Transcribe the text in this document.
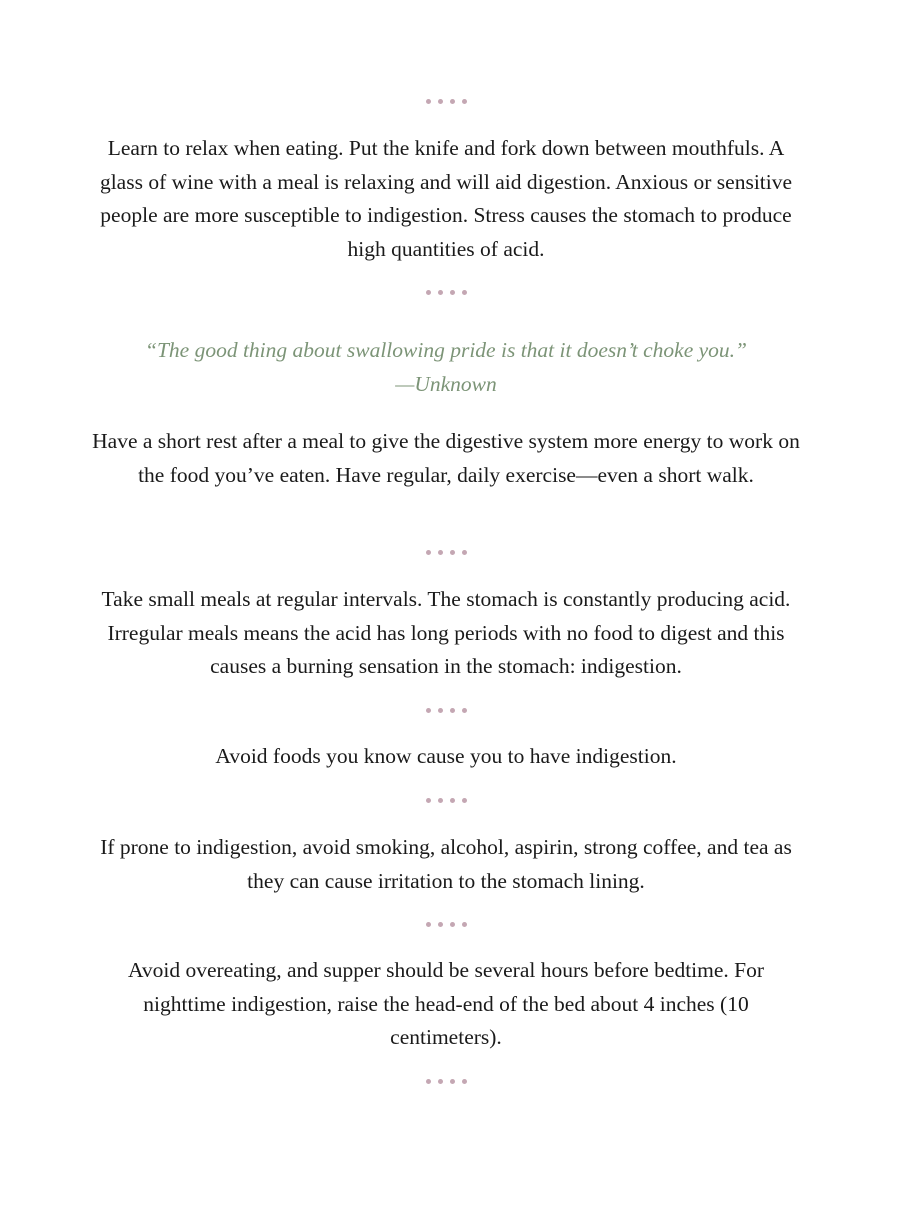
Learn to relax when eating. Put the knife and fork down between mouthfuls. A glass of wine with a meal is relaxing and will aid digestion. Anxious or sensitive people are more susceptible to indigestion. Stress causes the stomach to produce high quantities of acid.

“The good thing about swallowing pride is that it doesn’t choke you.”

—Unknown

Have a short rest after a meal to give the digestive system more energy to work on the food you’ve eaten. Have regular, daily exercise—even a short walk.

Take small meals at regular intervals. The stomach is constantly producing acid. Irregular meals means the acid has long periods with no food to digest and this causes a burning sensation in the stomach: indigestion.

Avoid foods you know cause you to have indigestion.

If prone to indigestion, avoid smoking, alcohol, aspirin, strong coffee, and tea as they can cause irritation to the stomach lining.

Avoid overeating, and supper should be several hours before bedtime. For nighttime indigestion, raise the head-end of the bed about 4 inches (10 centimeters).
